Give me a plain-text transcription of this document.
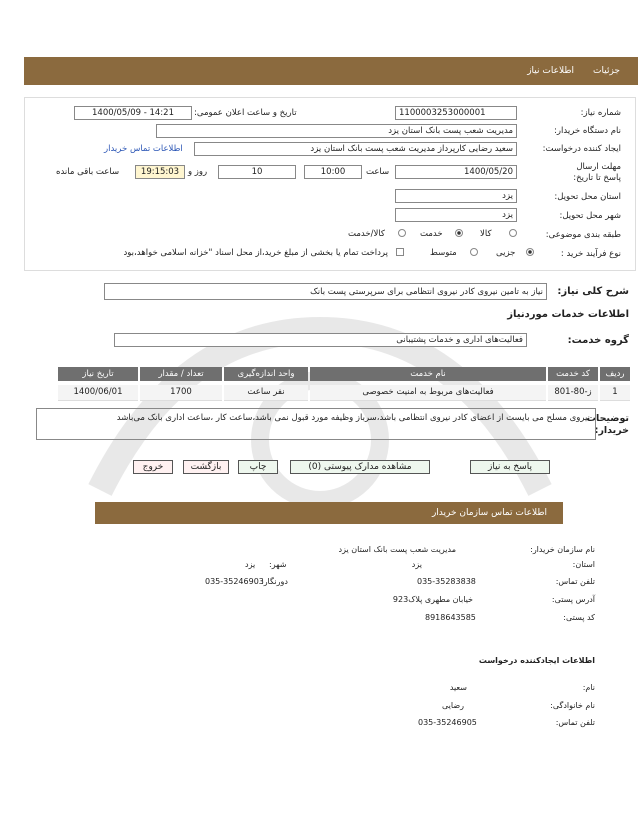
جزئیات
اطلاعات نیاز
شماره نیاز:
1100003253000001
تاریخ و ساعت اعلان عمومی:
1400/05/09 - 14:21
نام دستگاه خریدار:
مدیریت شعب پست بانک استان یزد
ایجاد کننده درخواست:
سعید رضایی کارپرداز مدیریت شعب پست بانک استان یزد
اطلاعات تماس خریدار
مهلت ارسال پاسخ تا تاریخ:
1400/05/20
ساعت
10:00
10
روز و
19:15:03
ساعت باقی مانده
استان محل تحویل:
یزد
شهر محل تحویل:
یزد
طبقه بندی موضوعی:
کالا
خدمت
کالا/خدمت
نوع فرآیند خرید :
جزیی
متوسط
پرداخت تمام یا بخشی از مبلغ خرید،از محل اسناد "خزانه اسلامی خواهد،بود
شرح کلی نیاز:
نیاز به تامین نیروی کادر نیروی انتظامی برای سرپرستی پست بانک
اطلاعات خدمات موردنیاز
گروه خدمت:
فعالیت‌های اداری و خدمات پشتیبانی
ردیف
کد خدمت
نام خدمت
واحد اندازه‌گیری
تعداد / مقدار
تاریخ نیاز
1
ز-80-801
فعالیت‌های مربوط به امنیت خصوصی
نفر ساعت
1700
1400/06/01
توضیحات خریدار:
نیروی مسلح می بایست از اعضای کادر نیروی انتظامی باشد،سرباز وظیفه مورد قبول نمی باشد،ساعت کار ،ساعت اداری بانک می‌باشد
پاسخ به نیاز
مشاهده مدارک پیوستی (0)
چاپ
بازگشت
خروج
اطلاعات تماس سازمان خریدار
نام سازمان خریدار:
مدیریت شعب پست بانک استان یزد
استان:
یزد
شهر:
یزد
تلفن تماس:
035-35283838
دورنگار:
035-35246903
آدرس پستی:
خیابان مطهری پلاک923
کد پستی:
8918643585
اطلاعات ایجادکننده درخواست
نام:
سعید
نام خانوادگی:
رضایی
تلفن تماس:
035-35246905
